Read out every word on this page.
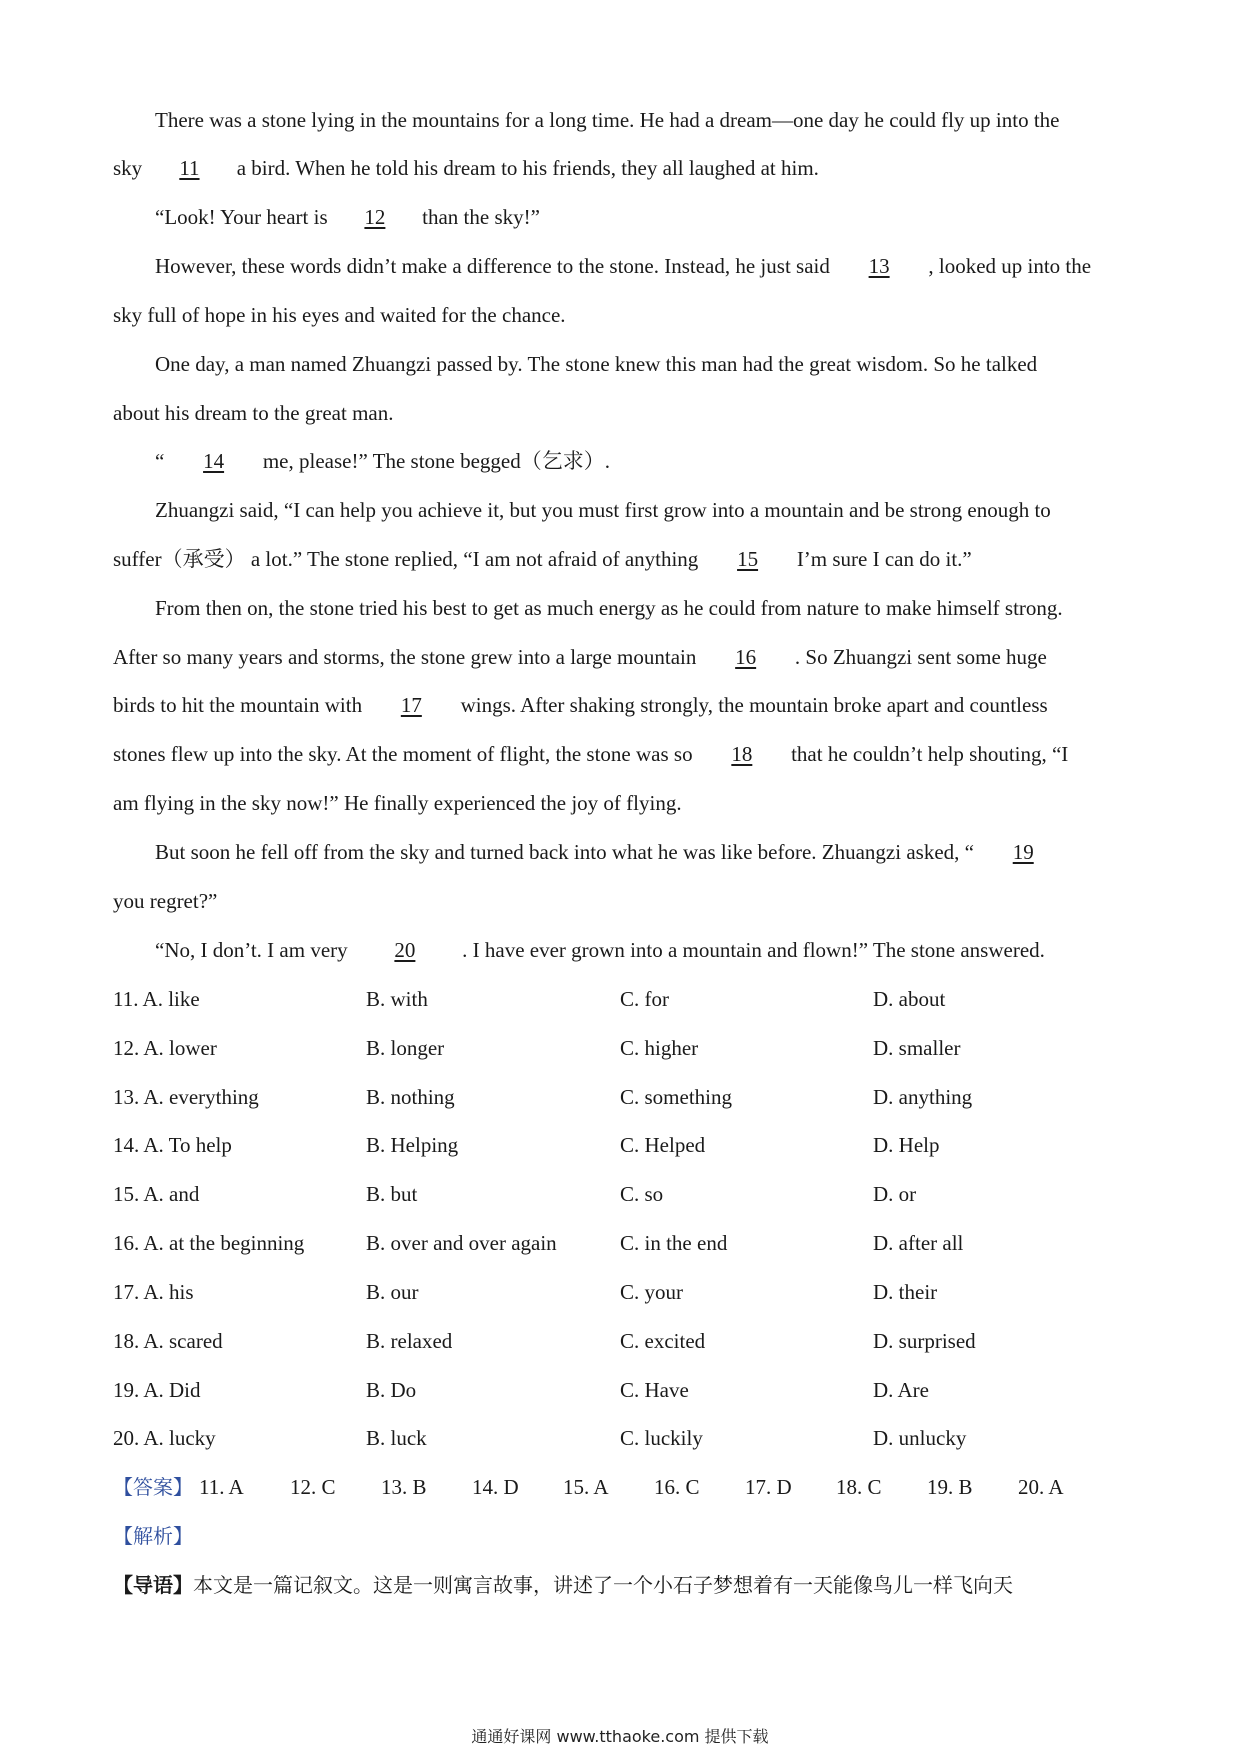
There was a stone lying in the mountains for a long time. He had a dream—one day he could fly up into the
sky 11 a bird. When he told his dream to his friends, they all laughed at him.
“Look! Your heart is 12 than the sky!”
However, these words didn’t make a difference to the stone. Instead, he just said 13 , looked up into the
sky full of hope in his eyes and waited for the chance.
One day, a man named Zhuangzi passed by. The stone knew this man had the great wisdom. So he talked
about his dream to the great man.
“ 14 me, please!” The stone begged（乞求）.
Zhuangzi said, “I can help you achieve it, but you must first grow into a mountain and be strong enough to
suffer（承受） a lot.” The stone replied, “I am not afraid of anything 15 I’m sure I can do it.”
From then on, the stone tried his best to get as much energy as he could from nature to make himself strong.
After so many years and storms, the stone grew into a large mountain 16 . So Zhuangzi sent some huge
birds to hit the mountain with 17 wings. After shaking strongly, the mountain broke apart and countless
stones flew up into the sky. At the moment of flight, the stone was so 18 that he couldn’t help shouting, “I
am flying in the sky now!” He finally experienced the joy of flying.
But soon he fell off from the sky and turned back into what he was like before. Zhuangzi asked, “ 19
you regret?”
“No, I don’t. I am very 20 . I have ever grown into a mountain and flown!” The stone answered.
11. A. like	B. with	C. for	D. about
12. A. lower	B. longer	C. higher	D. smaller
13. A. everything	B. nothing	C. something	D. anything
14. A. To help	B. Helping	C. Helped	D. Help
15. A. and	B. but	C. so	D. or
16. A. at the beginning	B. over and over again	C. in the end	D. after all
17. A. his	B. our	C. your	D. their
18. A. scared	B. relaxed	C. excited	D. surprised
19. A. Did	B. Do	C. Have	D. Are
20. A. lucky	B. luck	C. luckily	D. unlucky
【答案】 11. A 12. C 13. B 14. D 15. A 16. C 17. D 18. C 19. B 20. A
【解析】
【导语】本文是一篇记叙文。这是一则寓言故事，讲述了一个小石子梦想着有一天能像鸟儿一样飞向天
通通好课网 www.tthaoke.com 提供下载
